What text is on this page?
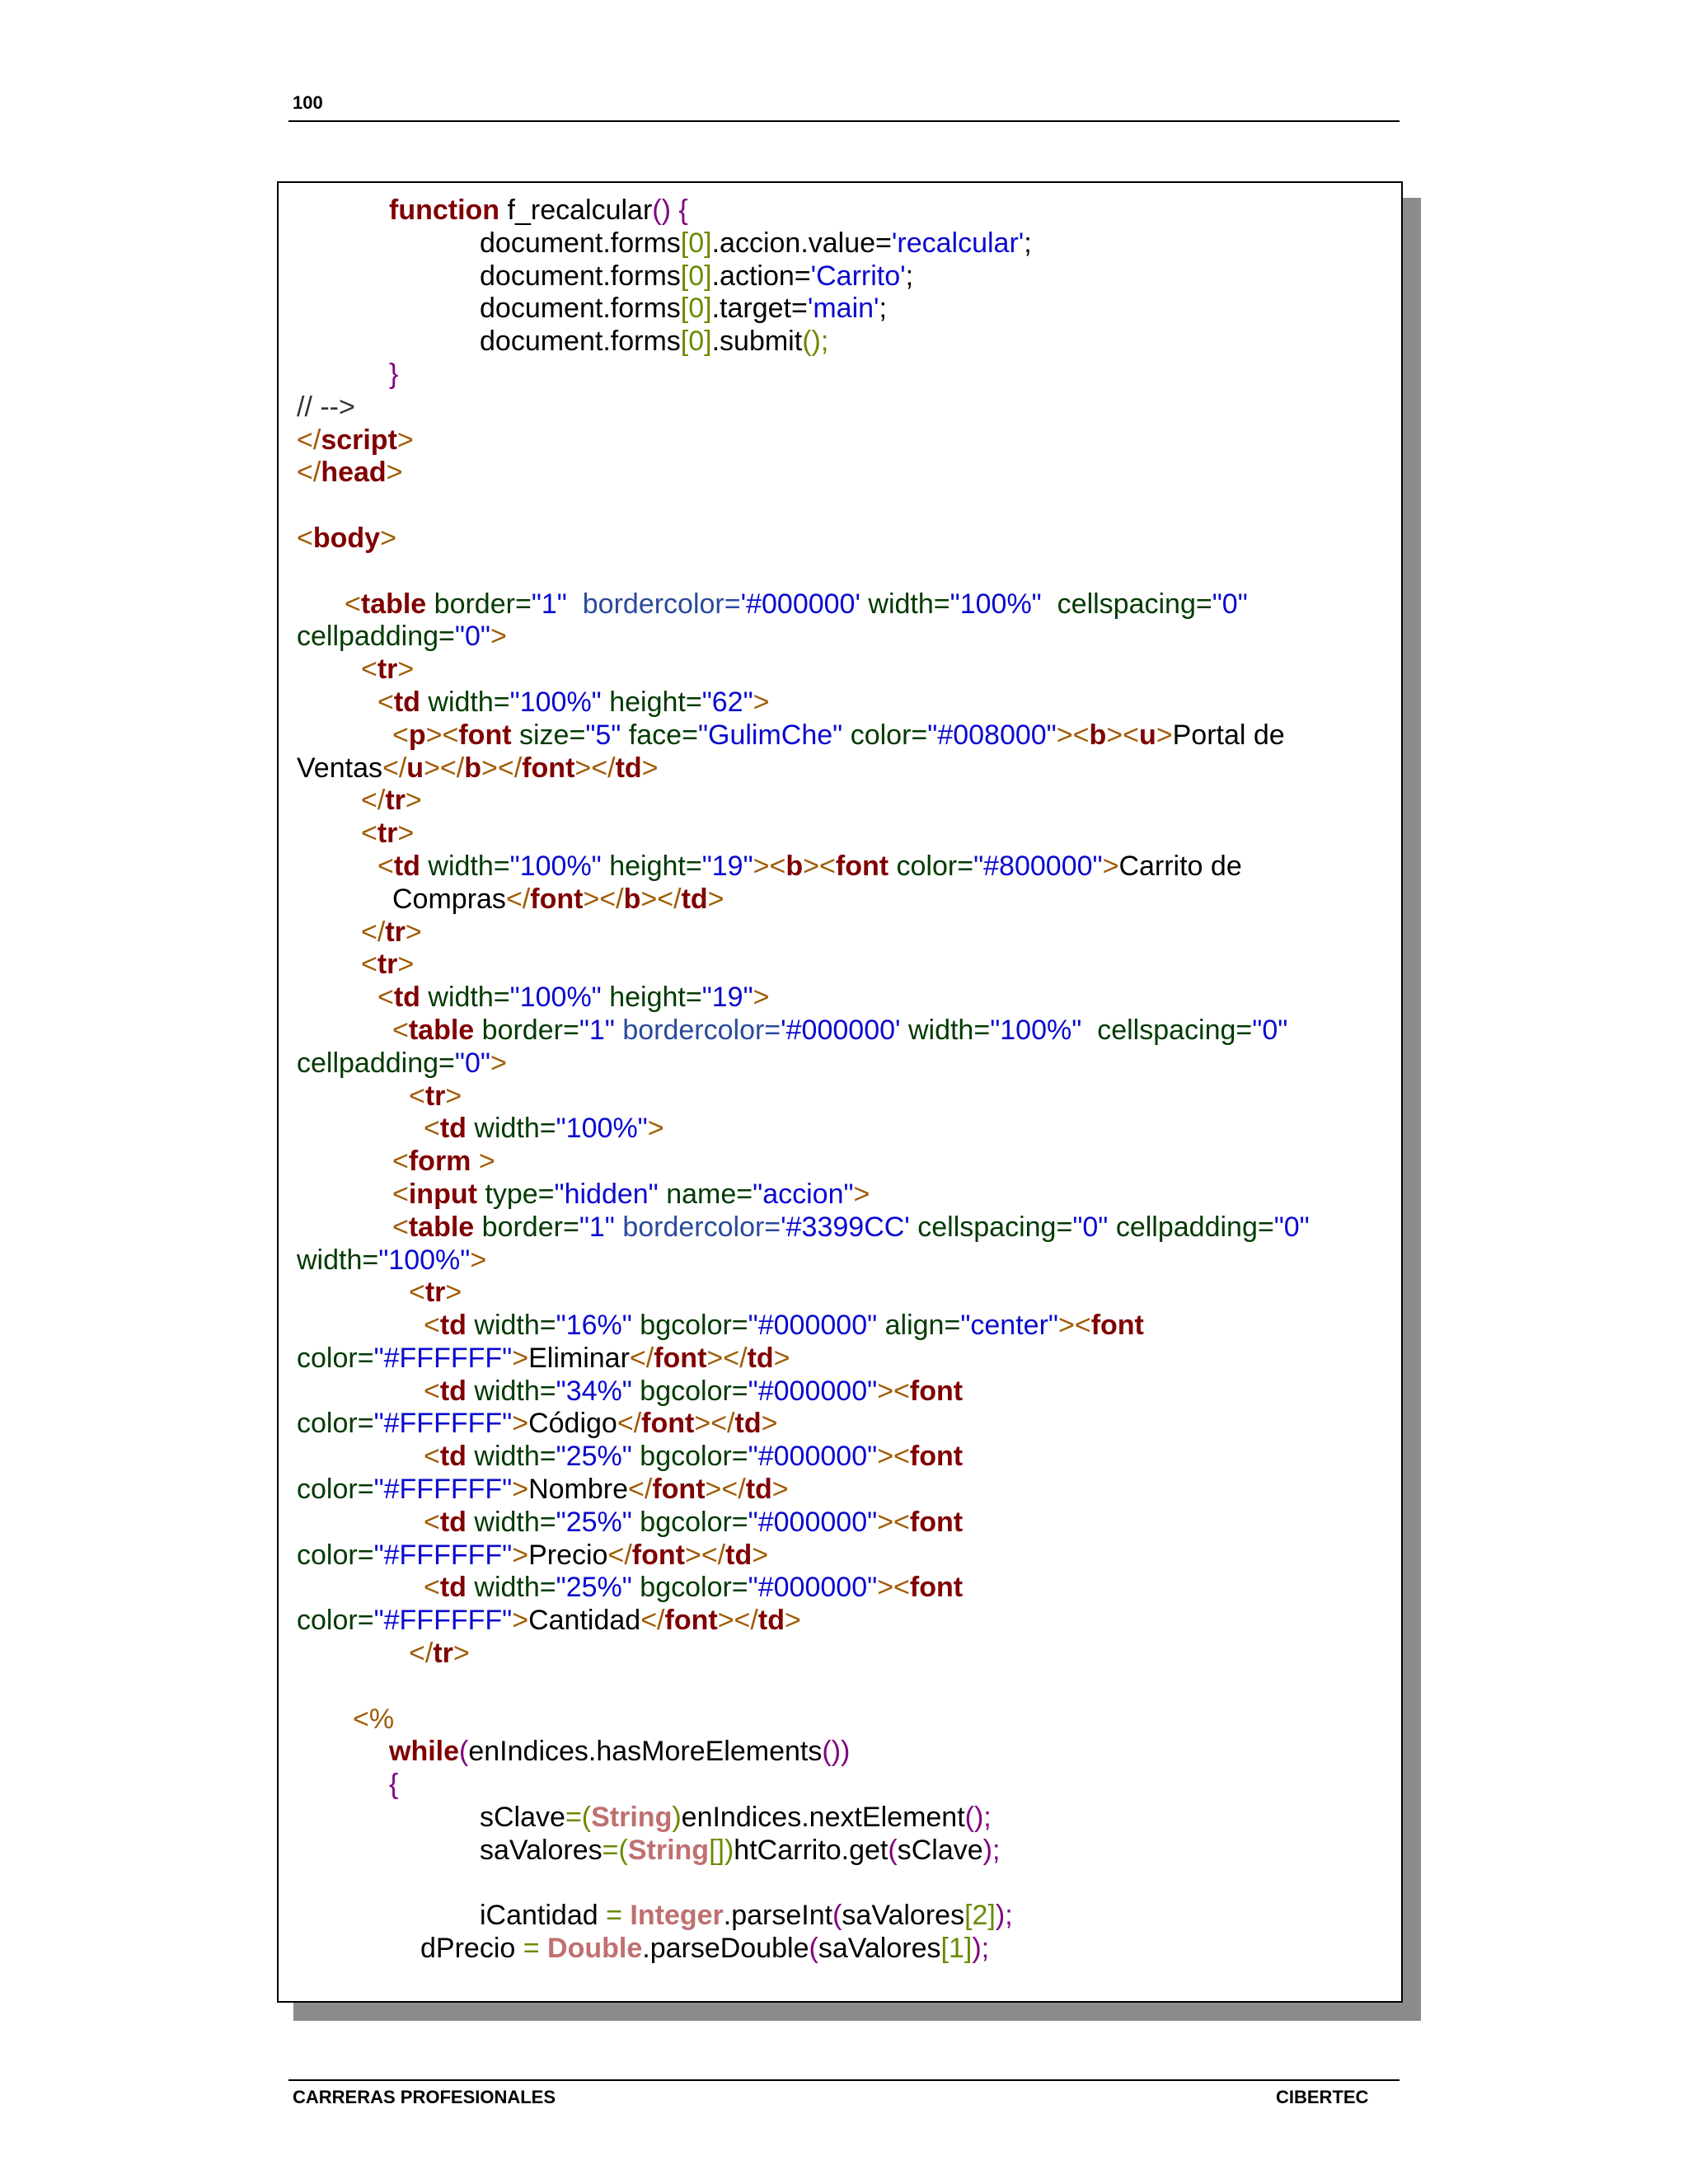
100
function f_recalcular() {
document.forms[0].accion.value='recalcular';
document.forms[0].action='Carrito';
document.forms[0].target='main';
document.forms[0].submit();
}
// -->
</script>
</head>
<body>
<table border="1"  bordercolor='#000000' width="100%"  cellspacing="0"
cellpadding="0">
<tr>
<td width="100%" height="62">
<p><font size="5" face="GulimChe" color="#008000"><b><u>Portal de
Ventas</u></b></font></td>
</tr>
<tr>
<td width="100%" height="19"><b><font color="#800000">Carrito de
Compras</font></b></td>
</tr>
<tr>
<td width="100%" height="19">
<table border="1" bordercolor='#000000' width="100%"  cellspacing="0"
cellpadding="0">
<tr>
<td width="100%">
<form >
<input type="hidden" name="accion">
<table border="1" bordercolor='#3399CC' cellspacing="0" cellpadding="0"
width="100%">
<tr>
<td width="16%" bgcolor="#000000" align="center"><font
color="#FFFFFF">Eliminar</font></td>
<td width="34%" bgcolor="#000000"><font
color="#FFFFFF">Código</font></td>
<td width="25%" bgcolor="#000000"><font
color="#FFFFFF">Nombre</font></td>
<td width="25%" bgcolor="#000000"><font
color="#FFFFFF">Precio</font></td>
<td width="25%" bgcolor="#000000"><font
color="#FFFFFF">Cantidad</font></td>
</tr>
<%
while(enIndices.hasMoreElements())
{
sClave=(String)enIndices.nextElement();
saValores=(String[])htCarrito.get(sClave);
iCantidad = Integer.parseInt(saValores[2]);
dPrecio = Double.parseDouble(saValores[1]);
CARRERAS PROFESIONALES	CIBERTEC
